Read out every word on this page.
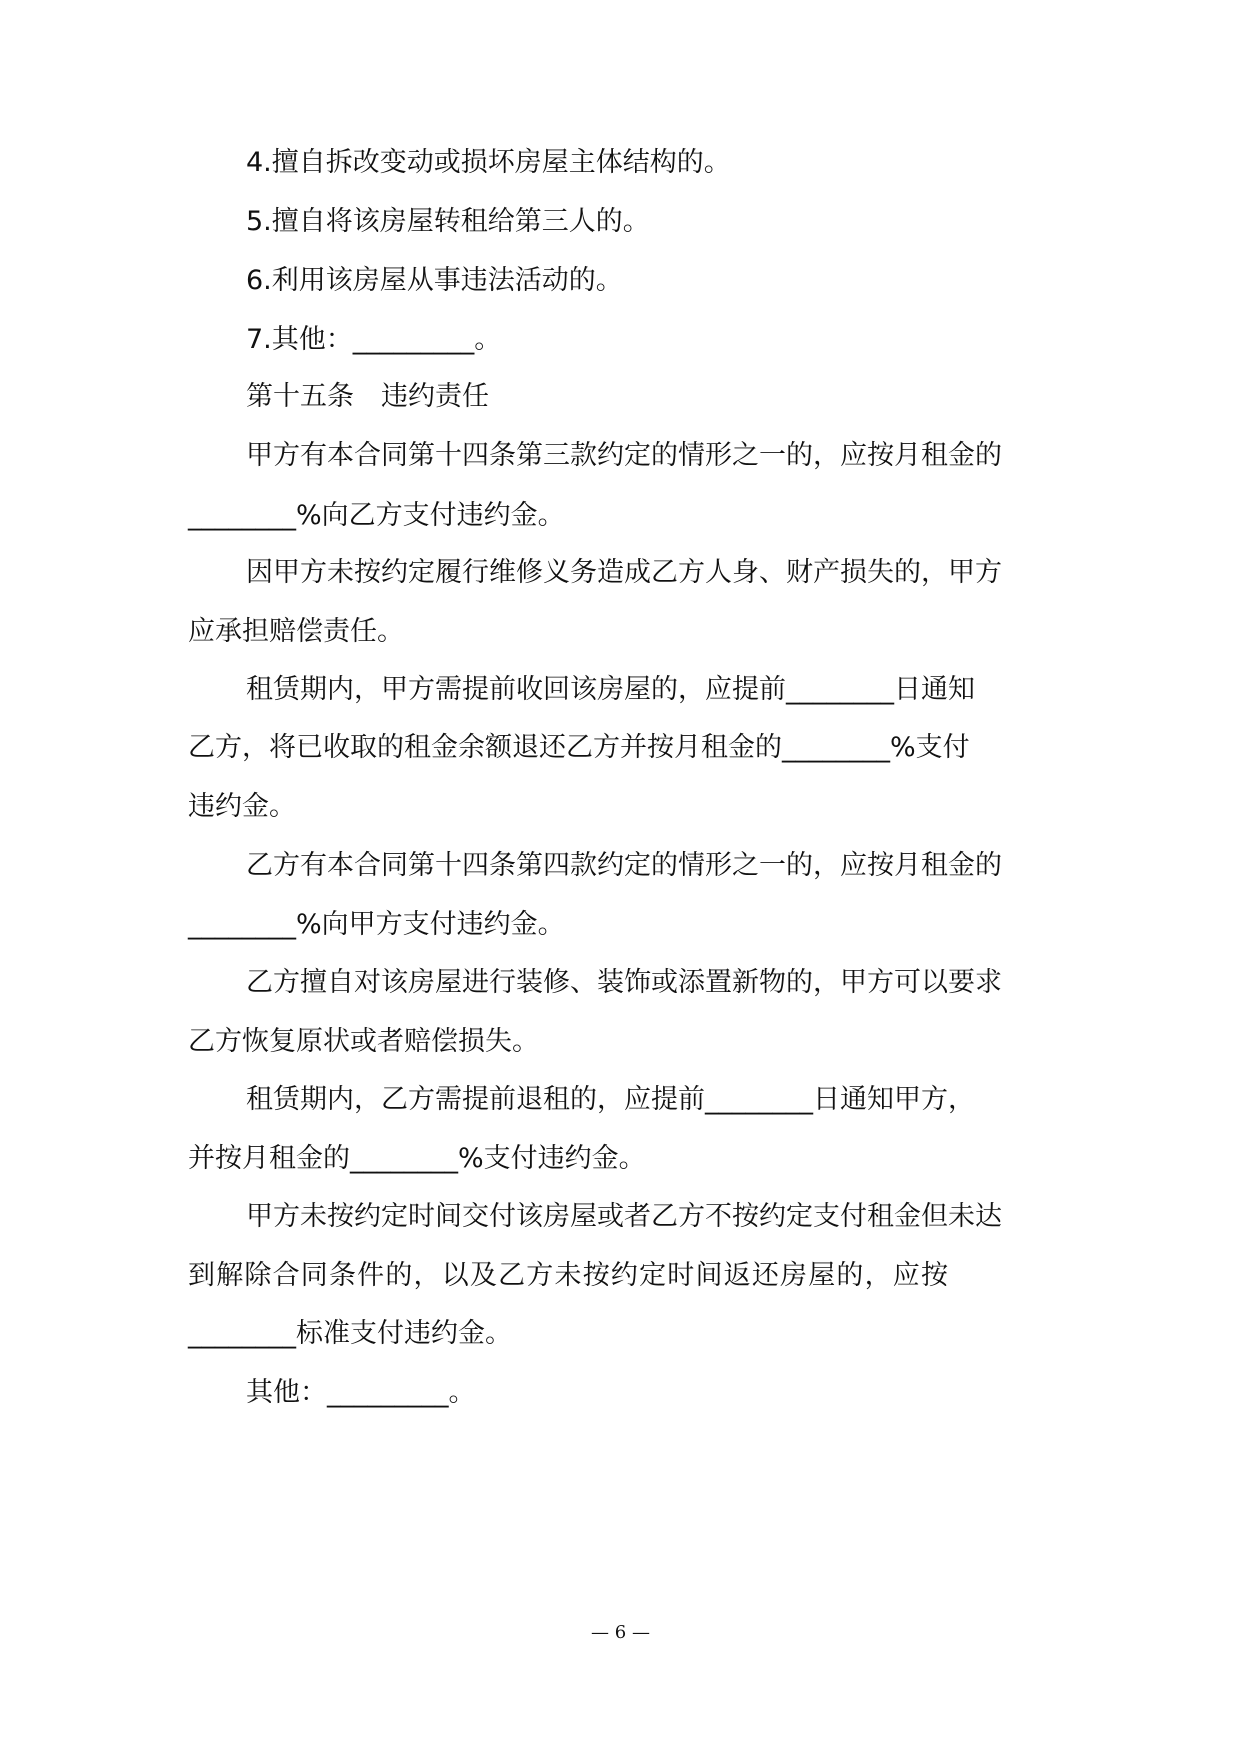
4.擅自拆改变动或损坏房屋主体结构的。
5.擅自将该房屋转租给第三人的。
6.利用该房屋从事违法活动的。
7.其他：_________。
第十五条　违约责任
甲方有本合同第十四条第三款约定的情形之一的，应按月租金的
________%向乙方支付违约金。
因甲方未按约定履行维修义务造成乙方人身、财产损失的，甲方
应承担赔偿责任。
租赁期内，甲方需提前收回该房屋的，应提前________日通知
乙方，将已收取的租金余额退还乙方并按月租金的________%支付
违约金。
乙方有本合同第十四条第四款约定的情形之一的，应按月租金的
________%向甲方支付违约金。
乙方擅自对该房屋进行装修、装饰或添置新物的，甲方可以要求
乙方恢复原状或者赔偿损失。
租赁期内，乙方需提前退租的，应提前________日通知甲方，
并按月租金的________%支付违约金。
甲方未按约定时间交付该房屋或者乙方不按约定支付租金但未达
到解除合同条件的，以及乙方未按约定时间返还房屋的，应按
________标准支付违约金。
其他：_________。
— 6 —
